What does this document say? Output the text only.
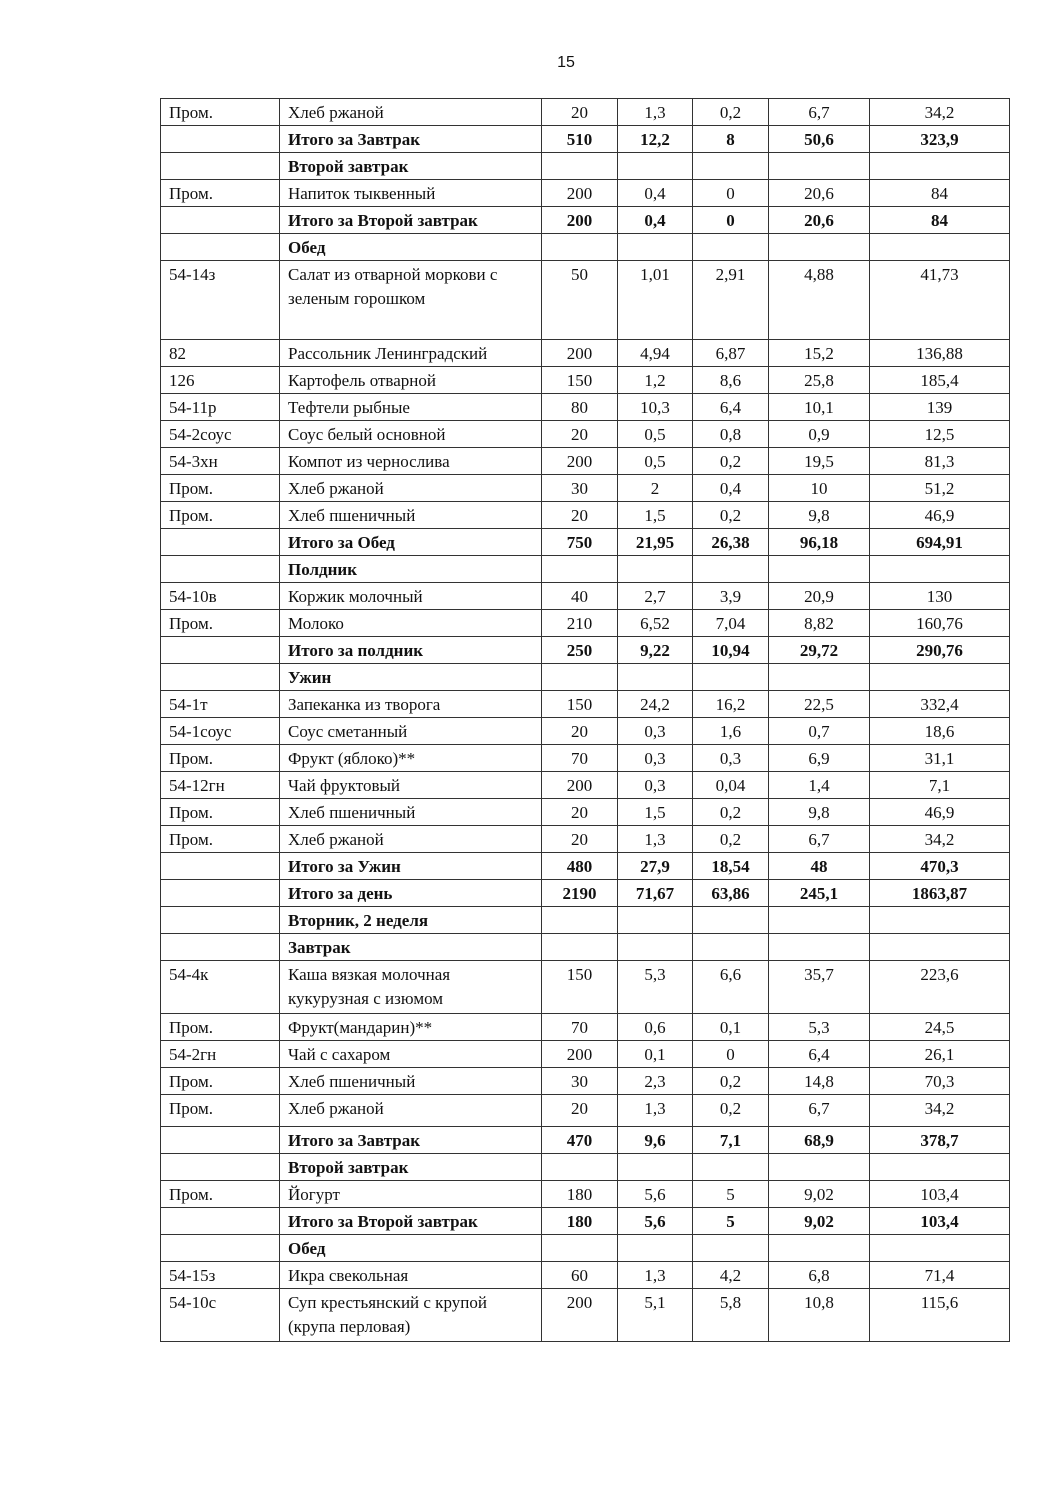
15
Пром.	Хлеб ржаной	20	1,3	0,2	6,7	34,2
	Итого за Завтрак	510	12,2	8	50,6	323,9
	Второй завтрак					
Пром.	Напиток тыквенный	200	0,4	0	20,6	84
	Итого за Второй завтрак	200	0,4	0	20,6	84
	Обед					
54-14з	Салат из отварной моркови с зеленым горошком	50	1,01	2,91	4,88	41,73
82	Рассольник Ленинградский	200	4,94	6,87	15,2	136,88
126	Картофель отварной	150	1,2	8,6	25,8	185,4
54-11р	Тефтели рыбные	80	10,3	6,4	10,1	139
54-2соус	Соус белый основной	20	0,5	0,8	0,9	12,5
54-3хн	Компот из чернослива	200	0,5	0,2	19,5	81,3
Пром.	Хлеб ржаной	30	2	0,4	10	51,2
Пром.	Хлеб пшеничный	20	1,5	0,2	9,8	46,9
	Итого за Обед	750	21,95	26,38	96,18	694,91
	Полдник					
54-10в	Коржик молочный	40	2,7	3,9	20,9	130
Пром.	Молоко	210	6,52	7,04	8,82	160,76
	Итого за полдник	250	9,22	10,94	29,72	290,76
	Ужин					
54-1т	Запеканка из творога	150	24,2	16,2	22,5	332,4
54-1соус	Соус сметанный	20	0,3	1,6	0,7	18,6
Пром.	Фрукт (яблоко)**	70	0,3	0,3	6,9	31,1
54-12гн	Чай фруктовый	200	0,3	0,04	1,4	7,1
Пром.	Хлеб пшеничный	20	1,5	0,2	9,8	46,9
Пром.	Хлеб ржаной	20	1,3	0,2	6,7	34,2
	Итого за Ужин	480	27,9	18,54	48	470,3
	Итого за день	2190	71,67	63,86	245,1	1863,87
	Вторник, 2 неделя					
	Завтрак					
54-4к	Каша вязкая молочная кукурузная с изюмом	150	5,3	6,6	35,7	223,6
Пром.	Фрукт(мандарин)**	70	0,6	0,1	5,3	24,5
54-2гн	Чай с сахаром	200	0,1	0	6,4	26,1
Пром.	Хлеб пшеничный	30	2,3	0,2	14,8	70,3
Пром.	Хлеб ржаной	20	1,3	0,2	6,7	34,2
	Итого за Завтрак	470	9,6	7,1	68,9	378,7
	Второй завтрак					
Пром.	Йогурт	180	5,6	5	9,02	103,4
	Итого за Второй завтрак	180	5,6	5	9,02	103,4
	Обед					
54-15з	Икра свекольная	60	1,3	4,2	6,8	71,4
54-10с	Суп крестьянский с крупой (крупа перловая)	200	5,1	5,8	10,8	115,6
